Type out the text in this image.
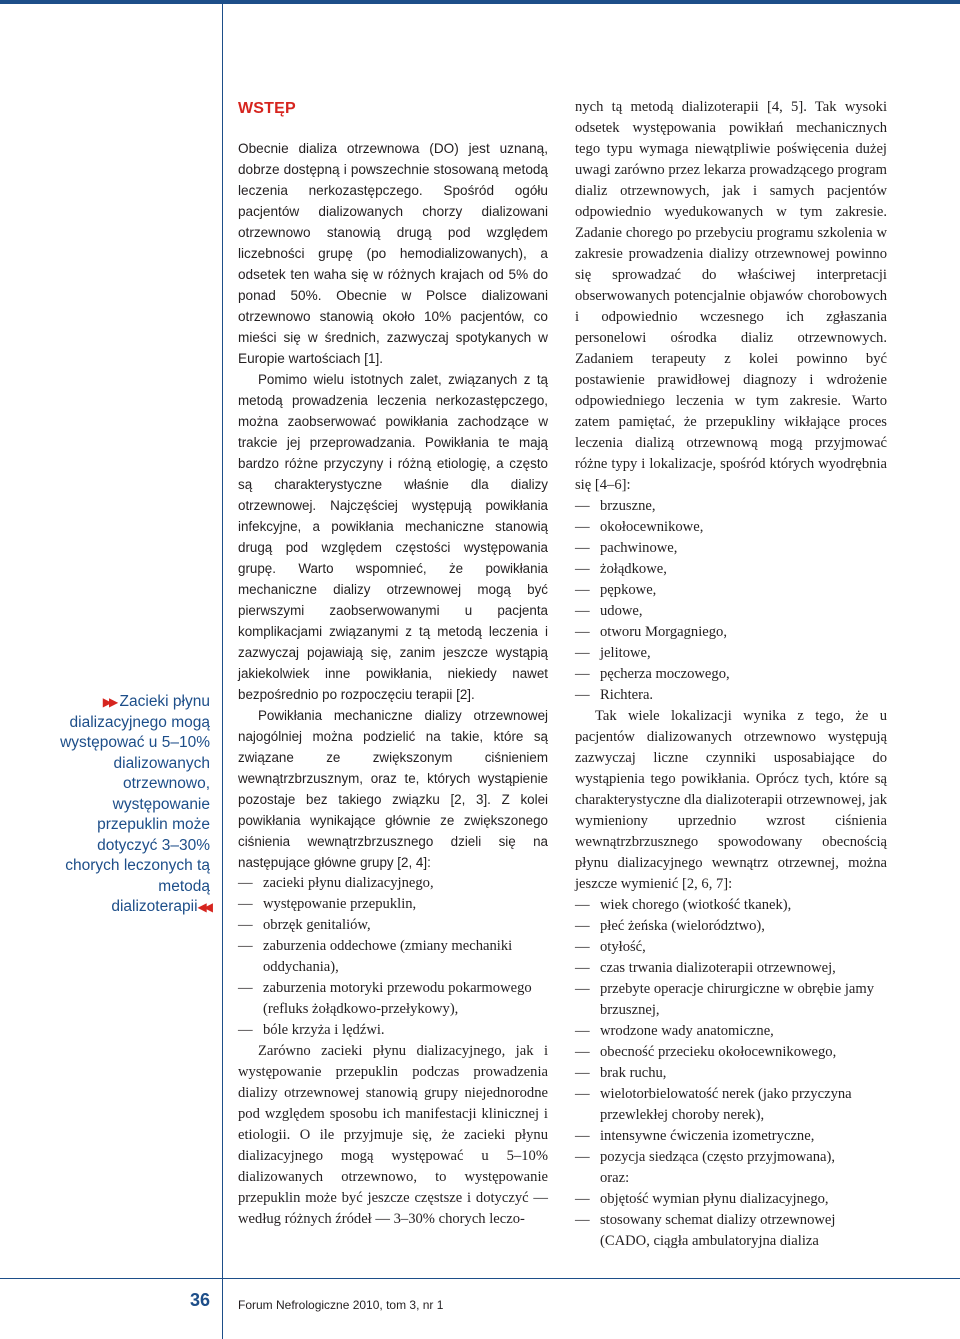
WSTĘP
▶▶ Zacieki płynu
dializacyjnego mogą
występować u 5–10%
dializowanych
otrzewnowo,
występowanie
przepuklin może
dotyczyć 3–30%
chorych leczonych tą
metodą dializoterapii◀◀

Obecnie dializa otrzewnowa (DO) jest uznaną, dobrze dostępną i powszechnie stosowaną metodą leczenia nerkozastępczego. Spośród ogółu pacjentów dializowanych chorzy dializowani otrzewnowo stanowią drugą pod względem liczebności grupę (po hemodializowanych), a odsetek ten waha się w różnych krajach od 5% do ponad 50%. Obecnie w Polsce dializowani otrzewnowo stanowią około 10% pacjentów, co mieści się w średnich, zazwyczaj spotykanych w Europie wartościach [1].

Pomimo wielu istotnych zalet, związanych z tą metodą prowadzenia leczenia nerkozastępczego, można zaobserwować powikłania zachodzące w trakcie jej przeprowadzania. Powikłania te mają bardzo różne przyczyny i różną etiologię, a często są charakterystyczne właśnie dla dializy otrzewnowej. Najczęściej występują powikłania infekcyjne, a powikłania mechaniczne stanowią drugą pod względem częstości występowania grupę. Warto wspomnieć, że powikłania mechaniczne dializy otrzewnowej mogą być pierwszymi zaobserwowanymi u pacjenta komplikacjami związanymi z tą metodą leczenia i zazwyczaj pojawiają się, zanim jeszcze wystąpią jakiekolwiek inne powikłania, niekiedy nawet bezpośrednio po rozpoczęciu terapii [2].

Powikłania mechaniczne dializy otrzewnowej najogólniej można podzielić na takie, które są związane ze zwiększonym ciśnieniem wewnątrzbrzusznym, oraz te, których wystąpienie pozostaje bez takiego związku [2, 3]. Z kolei powikłania wynikające głównie ze zwiększonego ciśnienia wewnątrzbrzusznego dzieli się na następujące główne grupy [2, 4]:

— zacieki płynu dializacyjnego,
— występowanie przepuklin,
— obrzęk genitaliów,
— zaburzenia oddechowe (zmiany mechaniki oddychania),
— zaburzenia motoryki przewodu pokarmowego (refluks żołądkowo-przełykowy),
— bóle krzyża i lędźwi.

Zarówno zacieki płynu dializacyjnego, jak i występowanie przepuklin podczas prowadzenia dializy otrzewnowej stanowią grupy niejednorodne pod względem sposobu ich manifestacji klinicznej i etiologii. O ile przyjmuje się, że zacieki płynu dializacyjnego mogą występować u 5–10% dializowanych otrzewnowo, to występowanie przepuklin może być jeszcze częstsze i dotyczyć — według różnych źródeł — 3–30% chorych leczo-

nych tą metodą dializoterapii [4, 5]. Tak wysoki odsetek występowania powikłań mechanicznych tego typu wymaga niewątpliwie poświęcenia dużej uwagi zarówno przez lekarza prowadzącego program dializ otrzewnowych, jak i samych pacjentów odpowiednio wyedukowanych w tym zakresie. Zadanie chorego po przebyciu programu szkolenia w zakresie prowadzenia dializy otrzewnowej powinno się sprowadzać do właściwej interpretacji obserwowanych potencjalnie objawów chorobowych i odpowiednio wczesnego ich zgłaszania personelowi ośrodka dializ otrzewnowych. Zadaniem terapeuty z kolei powinno być postawienie prawidłowej diagnozy i wdrożenie odpowiedniego leczenia w tym zakresie. Warto zatem pamiętać, że przepukliny wikłające proces leczenia dializą otrzewnową mogą przyjmować różne typy i lokalizacje, spośród których wyodrębnia się [4–6]:

— brzuszne,
— okołocewnikowe,
— pachwinowe,
— żołądkowe,
— pępkowe,
— udowe,
— otworu Morgagniego,
— jelitowe,
— pęcherza moczowego,
— Richtera.

Tak wiele lokalizacji wynika z tego, że u pacjentów dializowanych otrzewnowo występują zazwyczaj liczne czynniki usposabiające do wystąpienia tego powikłania. Oprócz tych, które są charakterystyczne dla dializoterapii otrzewnowej, jak wymieniony uprzednio wzrost ciśnienia wewnątrzbrzusznego spowodowany obecnością płynu dializacyjnego wewnątrz otrzewnej, można jeszcze wymienić [2, 6, 7]:

— wiek chorego (wiotkość tkanek),
— płeć żeńska (wielorództwo),
— otyłość,
— czas trwania dializoterapii otrzewnowej,
— przebyte operacje chirurgiczne w obrębie jamy brzusznej,
— wrodzone wady anatomiczne,
— obecność przecieku okołocewnikowego,
— brak ruchu,
— wielotorbielowatość nerek (jako przyczyna przewlekłej choroby nerek),
— intensywne ćwiczenia izometryczne,
— pozycja siedząca (często przyjmowana),
oraz:
— objętość wymian płynu dializacyjnego,
— stosowany schemat dializy otrzewnowej (CADO, ciągła ambulatoryjna dializa
36 Forum Nefrologiczne 2010, tom 3, nr 1
